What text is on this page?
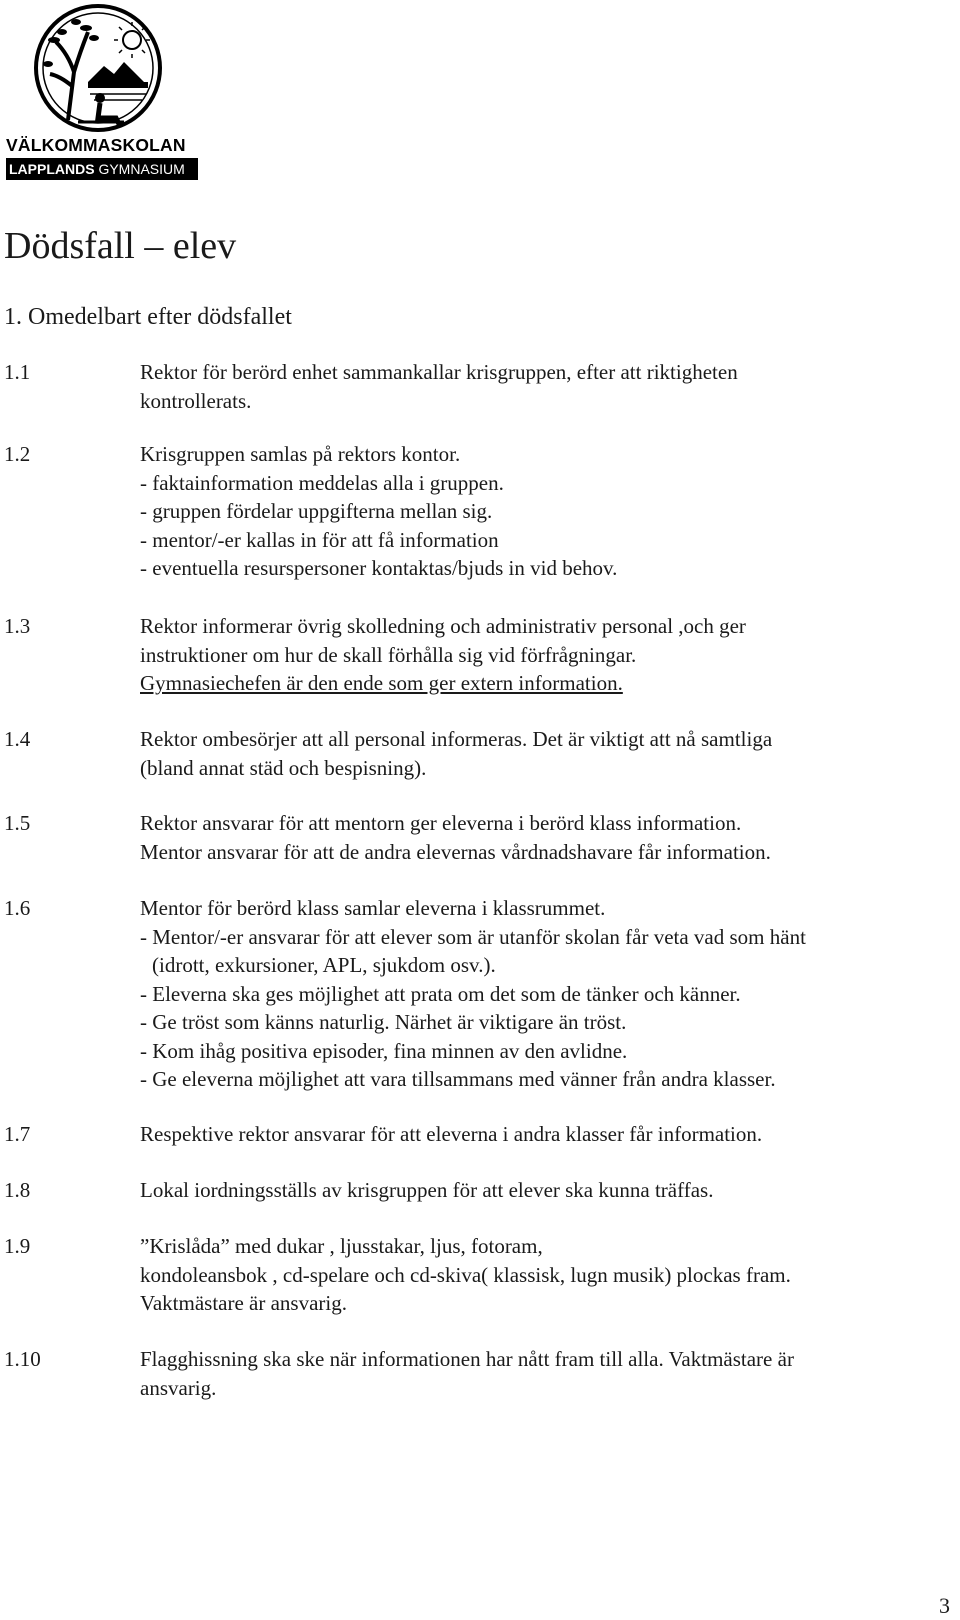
VÄLKOMMASKOLAN
LAPPLANDS GYMNASIUM
Dödsfall – elev
1. Omedelbart efter dödsfallet
1.1	Rektor för berörd enhet sammankallar krisgruppen, efter att riktigheten
kontrollerats.
1.2	Krisgruppen samlas på rektors kontor.
- faktainformation meddelas alla i gruppen.
- gruppen fördelar uppgifterna mellan sig.
- mentor/-er kallas in för att få information
- eventuella resurspersoner kontaktas/bjuds in vid behov.
1.3	Rektor informerar övrig skolledning och administrativ personal ,och ger
instruktioner om hur de skall förhålla sig vid förfrågningar.
Gymnasiechefen är den ende som ger extern information.
1.4	Rektor ombesörjer att all personal informeras. Det är viktigt att nå samtliga
(bland annat städ och bespisning).
1.5	Rektor ansvarar för att mentorn ger eleverna i berörd klass information.
Mentor ansvarar för att de andra elevernas vårdnadshavare får information.
1.6	Mentor för berörd klass samlar eleverna i klassrummet.
- Mentor/-er ansvarar för att elever som är utanför skolan får veta vad som hänt
(idrott, exkursioner, APL, sjukdom osv.).
- Eleverna ska ges möjlighet att prata om det som de tänker och känner.
- Ge tröst som känns naturlig. Närhet är viktigare än tröst.
- Kom ihåg positiva episoder, fina minnen av den avlidne.
- Ge eleverna möjlighet att vara tillsammans med vänner från andra klasser.
1.7	Respektive rektor ansvarar för att eleverna i andra klasser får information.
1.8	Lokal iordningsställs av krisgruppen för att elever ska kunna träffas.
1.9	”Krislåda” med dukar , ljusstakar, ljus, fotoram,
kondoleansbok , cd-spelare och cd-skiva( klassisk, lugn musik) plockas fram.
Vaktmästare är ansvarig.
1.10	Flagghissning ska ske när informationen har nått fram till alla. Vaktmästare är
ansvarig.
3
